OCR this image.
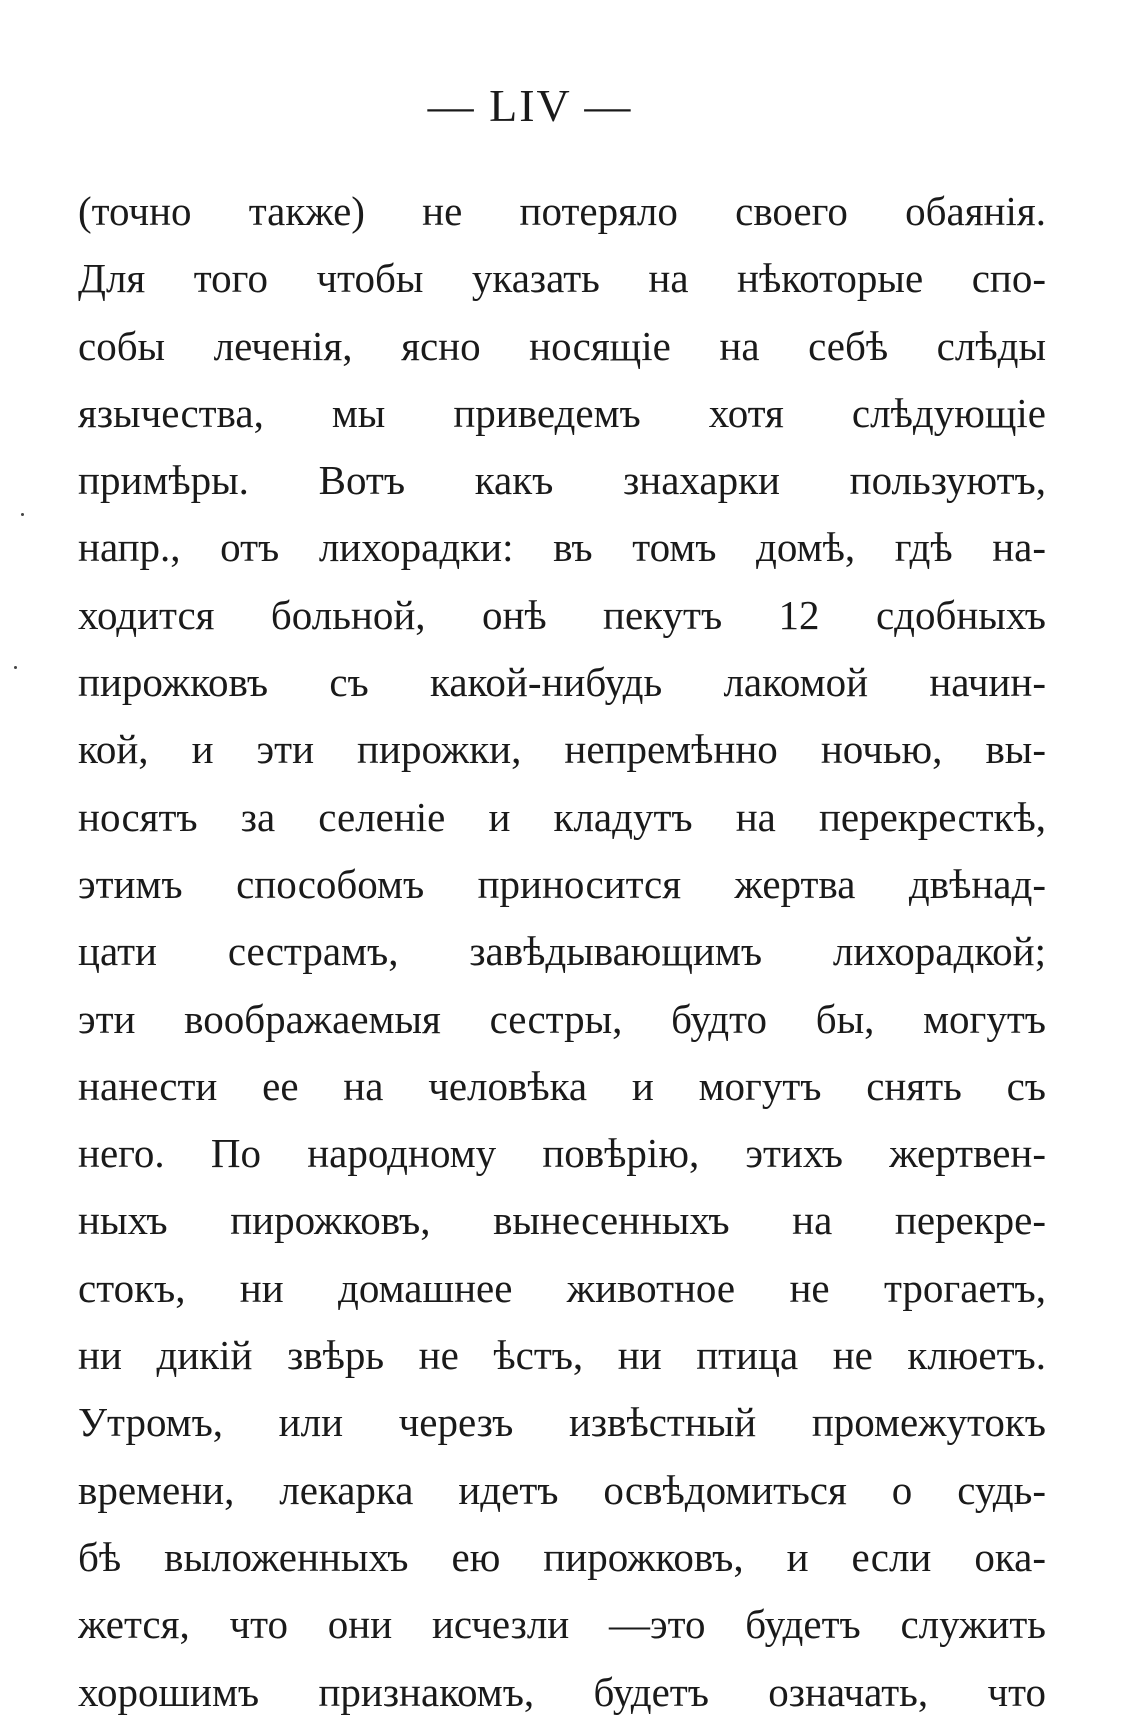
— LIV —
(точно также) не потеряло своего обаянія.
Для того чтобы указать на нѣкоторые спо-
собы леченія, ясно носящіе на себѣ слѣды
язычества, мы приведемъ хотя слѣдующіе
примѣры. Вотъ какъ знахарки пользуютъ,
напр., отъ лихорадки: въ томъ домѣ, гдѣ на-
ходится больной, онѣ пекутъ 12 сдобныхъ
пирожковъ съ какой-нибудь лакомой начин-
кой, и эти пирожки, непремѣнно ночью, вы-
носятъ за селеніе и кладутъ на перекресткѣ,
этимъ способомъ приносится жертва двѣнад-
цати сестрамъ, завѣдывающимъ лихорадкой;
эти воображаемыя сестры, будто бы, могутъ
нанести ее на человѣка и могутъ снять съ
него. По народному повѣрію, этихъ жертвен-
ныхъ пирожковъ, вынесенныхъ на перекре-
стокъ, ни домашнее животное не трогаетъ,
ни дикій звѣрь не ѣстъ, ни птица не клюетъ.
Утромъ, или черезъ извѣстный промежутокъ
времени, лекарка идетъ освѣдомиться о судь-
бѣ выложенныхъ ею пирожковъ, и если ока-
жется, что они исчезли —это будетъ служить
хорошимъ признакомъ, будетъ означать, что
